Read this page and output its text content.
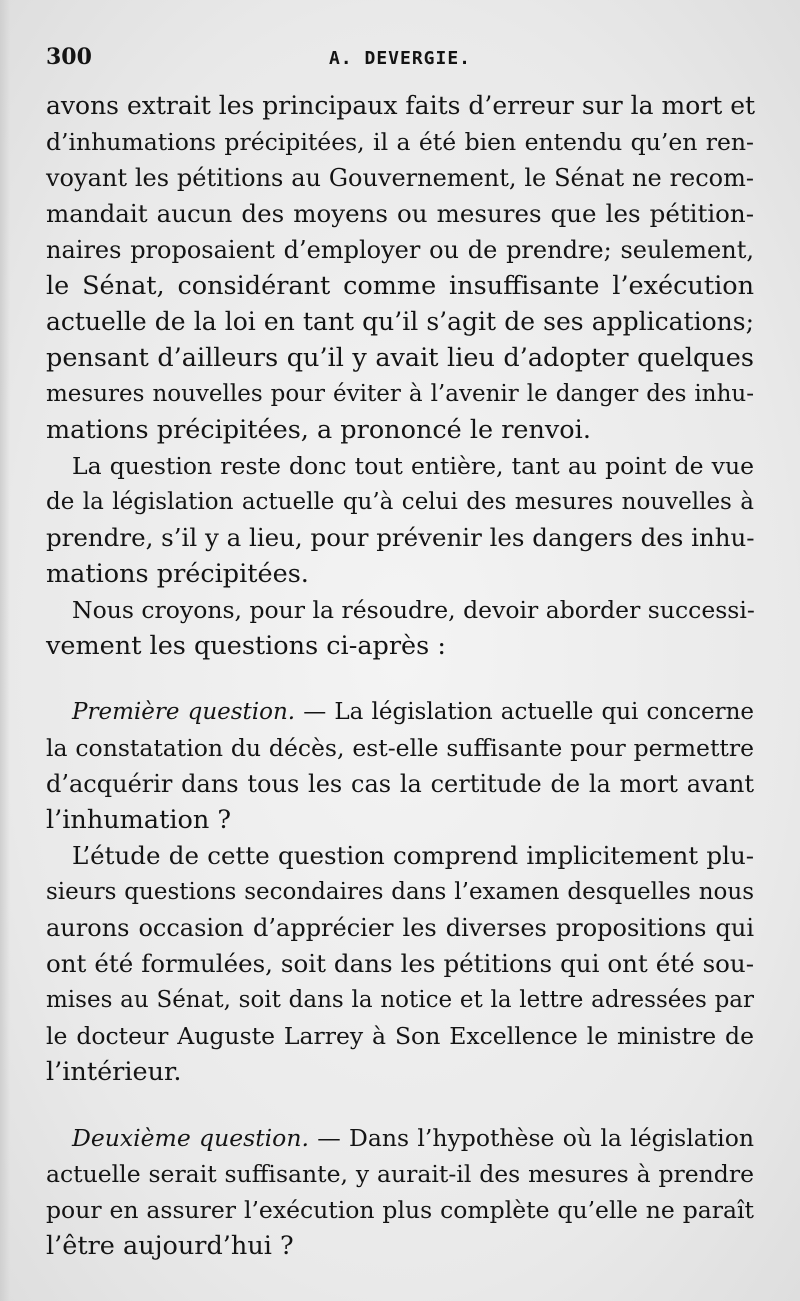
300	A. DEVERGIE.
avons extrait les principaux faits d’erreur sur la mort et
d’inhumations précipitées, il a été bien entendu qu’en ren-
voyant les pétitions au Gouvernement, le Sénat ne recom-
mandait aucun des moyens ou mesures que les pétition-
naires proposaient d’employer ou de prendre; seulement,
le Sénat, considérant comme insuffisante l’exécution
actuelle de la loi en tant qu’il s’agit de ses applications;
pensant d’ailleurs qu’il y avait lieu d’adopter quelques
mesures nouvelles pour éviter à l’avenir le danger des inhu-
mations précipitées, a prononcé le renvoi.
La question reste donc tout entière, tant au point de vue
de la législation actuelle qu’à celui des mesures nouvelles à
prendre, s’il y a lieu, pour prévenir les dangers des inhu-
mations précipitées.
Nous croyons, pour la résoudre, devoir aborder successi-
vement les questions ci-après :
Première question. — La législation actuelle qui concerne
la constatation du décès, est-elle suffisante pour permettre
d’acquérir dans tous les cas la certitude de la mort avant
l’inhumation ?
L’étude de cette question comprend implicitement plu-
sieurs questions secondaires dans l’examen desquelles nous
aurons occasion d’apprécier les diverses propositions qui
ont été formulées, soit dans les pétitions qui ont été sou-
mises au Sénat, soit dans la notice et la lettre adressées par
le docteur Auguste Larrey à Son Excellence le ministre de
l’intérieur.
Deuxième question. — Dans l’hypothèse où la législation
actuelle serait suffisante, y aurait-il des mesures à prendre
pour en assurer l’exécution plus complète qu’elle ne paraît
l’être aujourd’hui ?
